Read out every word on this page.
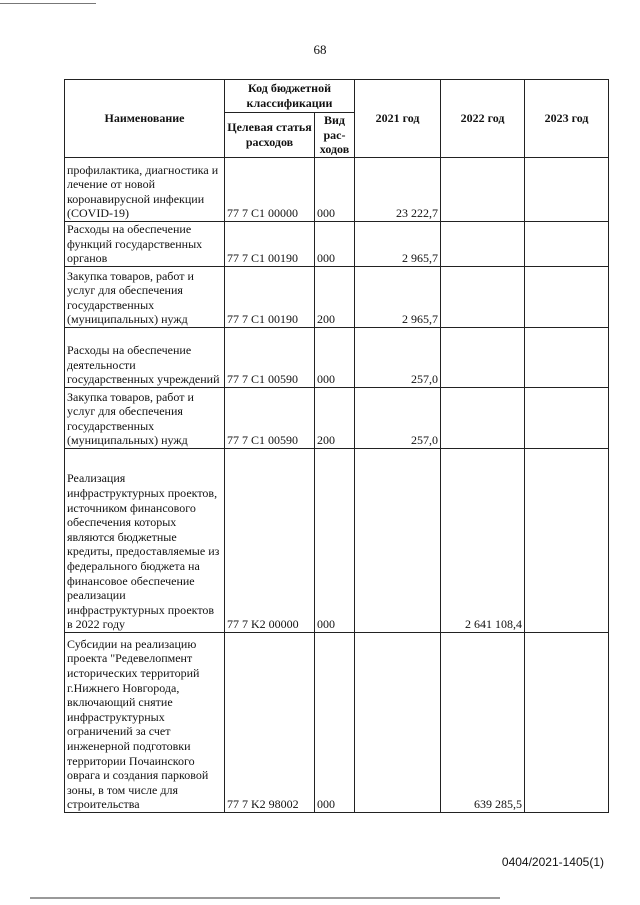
68
Наименование	Код бюджетной классификации		2021 год	2022 год	2023 год
	Целевая статья расходов	Вид рас- ходов			
профилактика, диагностика и лечение от новой коронавирусной инфекции (COVID-19)	77 7 C1 00000	000	23 222,7		
Расходы на обеспечение функций государственных органов	77 7 C1 00190	000	2 965,7		
Закупка товаров, работ и услуг для обеспечения государственных (муниципальных) нужд	77 7 C1 00190	200	2 965,7		
Расходы на обеспечение деятельности государственных учреждений	77 7 C1 00590	000	257,0		
Закупка товаров, работ и услуг для обеспечения государственных (муниципальных) нужд	77 7 C1 00590	200	257,0		
Реализация инфраструктурных проектов, источником финансового обеспечения которых являются бюджетные кредиты, предоставляемые из федерального бюджета на финансовое обеспечение реализации инфраструктурных проектов в 2022 году	77 7 K2 00000	000		2 641 108,4	
Субсидии на реализацию проекта "Редевелопмент исторических территорий г.Нижнего Новгорода, включающий снятие инфраструктурных ограничений за счет инженерной подготовки территории Почаинского оврага и создания парковой зоны, в том числе для строительства	77 7 K2 98002	000		639 285,5	
0404/2021-1405(1)
